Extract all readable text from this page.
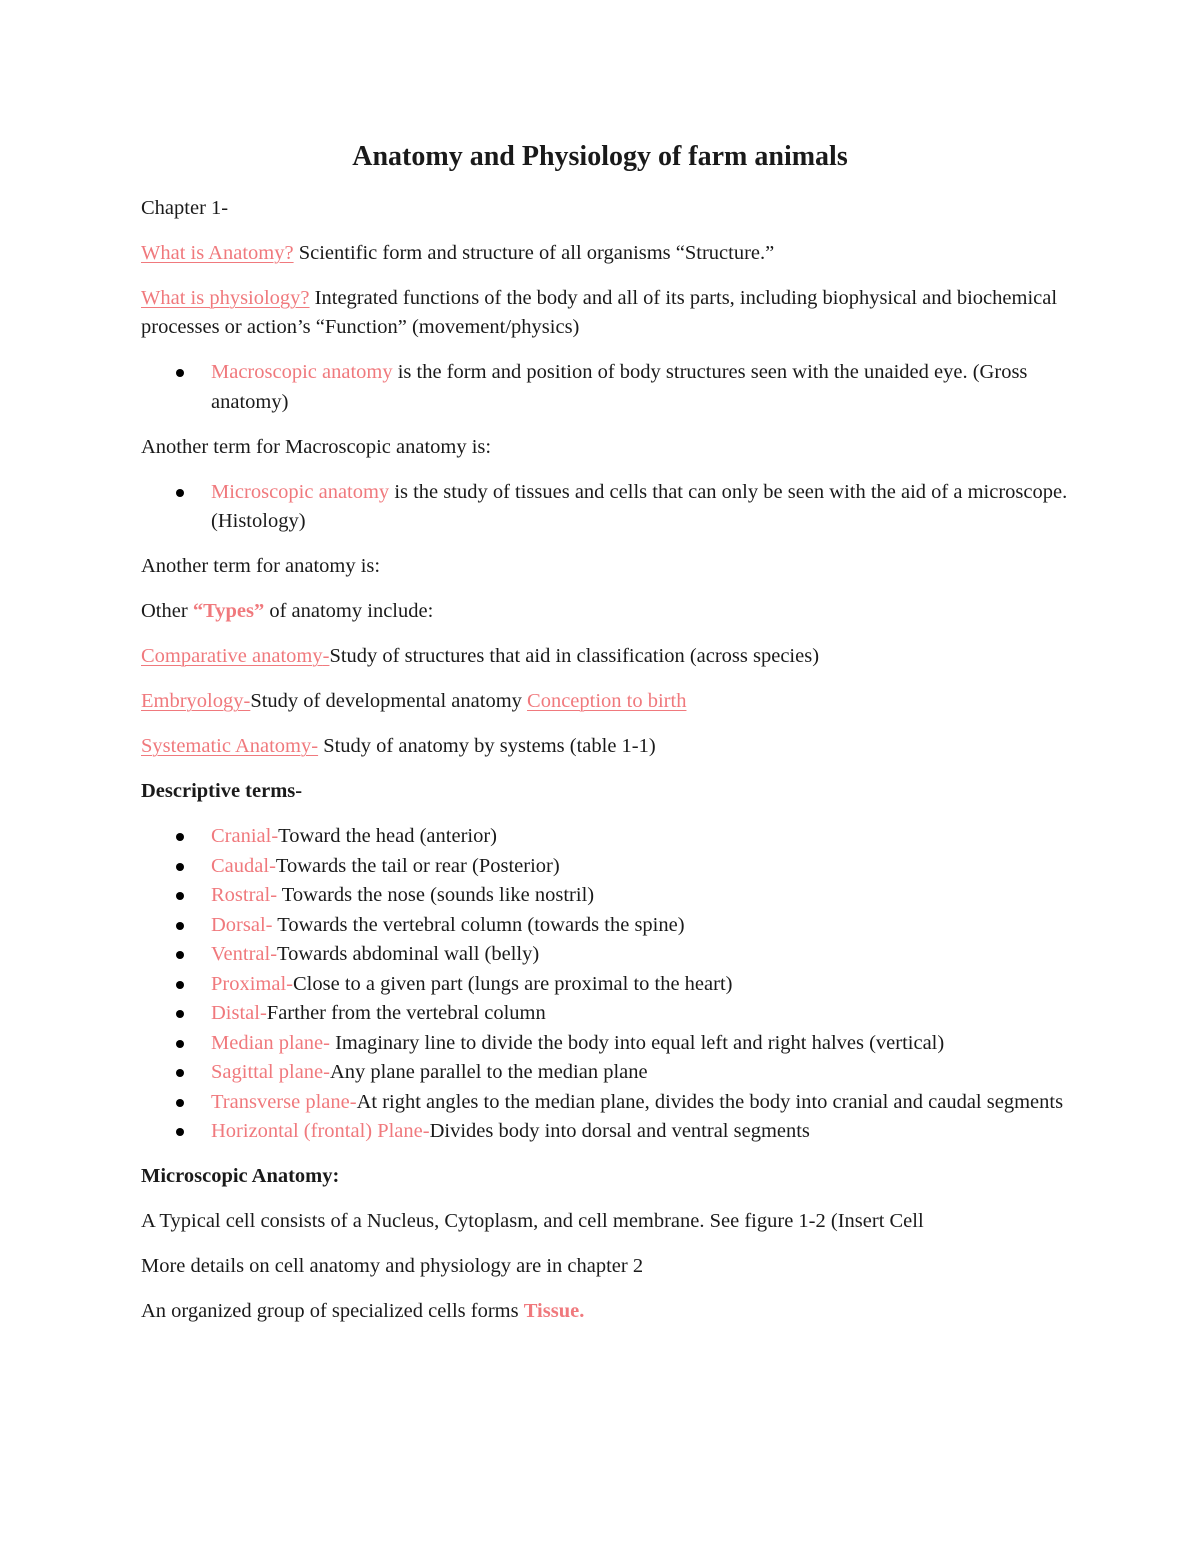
Anatomy and Physiology of farm animals

Chapter 1-

What is Anatomy? Scientific form and structure of all organisms “Structure.”

What is physiology? Integrated functions of the body and all of its parts, including biophysical and biochemical processes or action’s “Function” (movement/physics)

Macroscopic anatomy is the form and position of body structures seen with the unaided eye. (Gross anatomy)

Another term for Macroscopic anatomy is:

Microscopic anatomy is the study of tissues and cells that can only be seen with the aid of a microscope. (Histology)

Another term for anatomy is:

Other “Types” of anatomy include:

Comparative anatomy-Study of structures that aid in classification (across species)

Embryology-Study of developmental anatomy Conception to birth

Systematic Anatomy- Study of anatomy by systems (table 1-1)

Descriptive terms-

Cranial-Toward the head (anterior)
Caudal-Towards the tail or rear (Posterior)
Rostral- Towards the nose (sounds like nostril)
Dorsal- Towards the vertebral column (towards the spine)
Ventral-Towards abdominal wall (belly)
Proximal-Close to a given part (lungs are proximal to the heart)
Distal-Farther from the vertebral column
Median plane- Imaginary line to divide the body into equal left and right halves (vertical)
Sagittal plane-Any plane parallel to the median plane
Transverse plane-At right angles to the median plane, divides the body into cranial and caudal segments
Horizontal (frontal) Plane-Divides body into dorsal and ventral segments

Microscopic Anatomy:

A Typical cell consists of a Nucleus, Cytoplasm, and cell membrane. See figure 1-2 (Insert Cell

More details on cell anatomy and physiology are in chapter 2

An organized group of specialized cells forms Tissue.
